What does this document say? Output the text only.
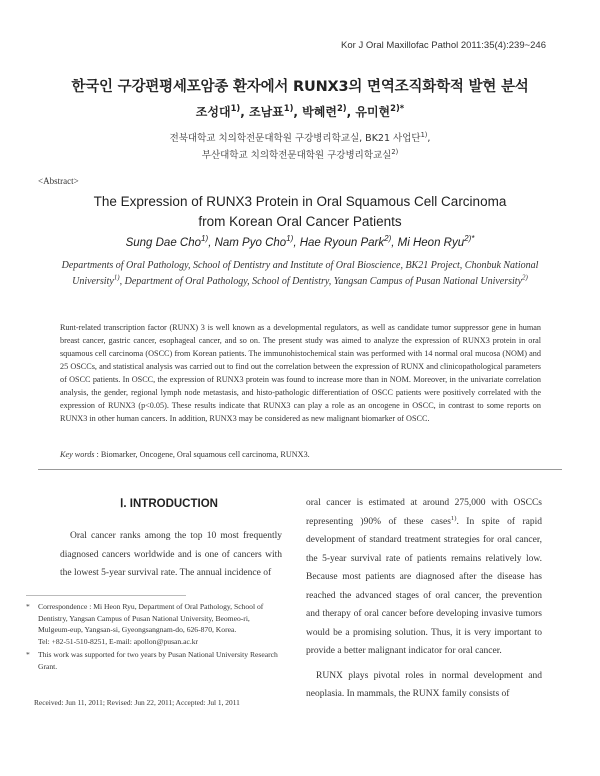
Kor J Oral Maxillofac Pathol 2011:35(4):239~246
한국인 구강편평세포암종 환자에서 RUNX3의 면역조직화학적 발현 분석
조성대$^{1)}$, 조남표$^{1)}$, 박혜련$^{2)}$, 유미현$^{2)*}$
전북대학교 치의학전문대학원 구강병리학교실, BK21 사업단$^{1)}$,
부산대학교 치의학전문대학원 구강병리학교실$^{2)}$
<Abstract>
The Expression of RUNX3 Protein in Oral Squamous Cell Carcinoma
from Korean Oral Cancer Patients
Sung Dae Cho$^{1)}$, Nam Pyo Cho$^{1)}$, Hae Ryoun Park$^{2)}$, Mi Heon Ryu$^{2)*}$
Departments of Oral Pathology, School of Dentistry and Institute of Oral Bioscience, BK21 Project, Chonbuk National University$^{1)}$, Department of Oral Pathology, School of Dentistry, Yangsan Campus of Pusan National University$^{2)}$
Runt-related transcription factor (RUNX) 3 is well known as a developmental regulators, as well as candidate tumor suppressor gene in human breast cancer, gastric cancer, esophageal cancer, and so on. The present study was aimed to analyze the expression of RUNX3 protein in oral squamous cell carcinoma (OSCC) from Korean patients. The immunohistochemical stain was performed with 14 normal oral mucosa (NOM) and 25 OSCCs, and statistical analysis was carried out to find out the correlation between the expression of RUNX and clinicopathological parameters of OSCC patients. In OSCC, the expression of RUNX3 protein was found to increase more than in NOM. Moreover, in the univariate correlation analysis, the gender, regional lymph node metastasis, and histo-pathologic differentiation of OSCC patients were positively correlated with the expression of RUNX3 (p<0.05). These results indicate that RUNX3 can play a role as an oncogene in OSCC, in contrast to some reports on RUNX3 in other human cancers. In addition, RUNX3 may be considered as new malignant biomarker of OSCC.
Key words : Biomarker, Oncogene, Oral squamous cell carcinoma, RUNX3.
Ⅰ. INTRODUCTION

Oral cancer ranks among the top 10 most frequently diagnosed cancers worldwide and is one of cancers with the lowest 5-year survival rate. The annual incidence of

*	Correspondence : Mi Heon Ryu, Department of Oral Pathology, School of Dentistry, Yangsan Campus of Pusan National University, Beomeo-ri, Mulgeum-eup, Yangsan-si, Gyeongsangnam-do, 626-870, Korea.
Tel: +82-51-510-8251, E-mail: apollon@pusan.ac.kr
*	This work was supported for two years by Pusan National University Research Grant.
Received: Jun 11, 2011; Revised: Jun 22, 2011; Accepted: Jul 1, 2011

oral cancer is estimated at around 275,000 with OSCCs representing )90% of these cases$^{1)}$. In spite of rapid development of standard treatment strategies for oral cancer, the 5-year survival rate of patients remains relatively low. Because most patients are diagnosed after the disease has reached the advanced stages of oral cancer, the prevention and therapy of oral cancer before developing invasive tumors would be a promising solution. Thus, it is very important to provide a better malignant indicator for oral cancer.

RUNX plays pivotal roles in normal development and neoplasia. In mammals, the RUNX family consists of
